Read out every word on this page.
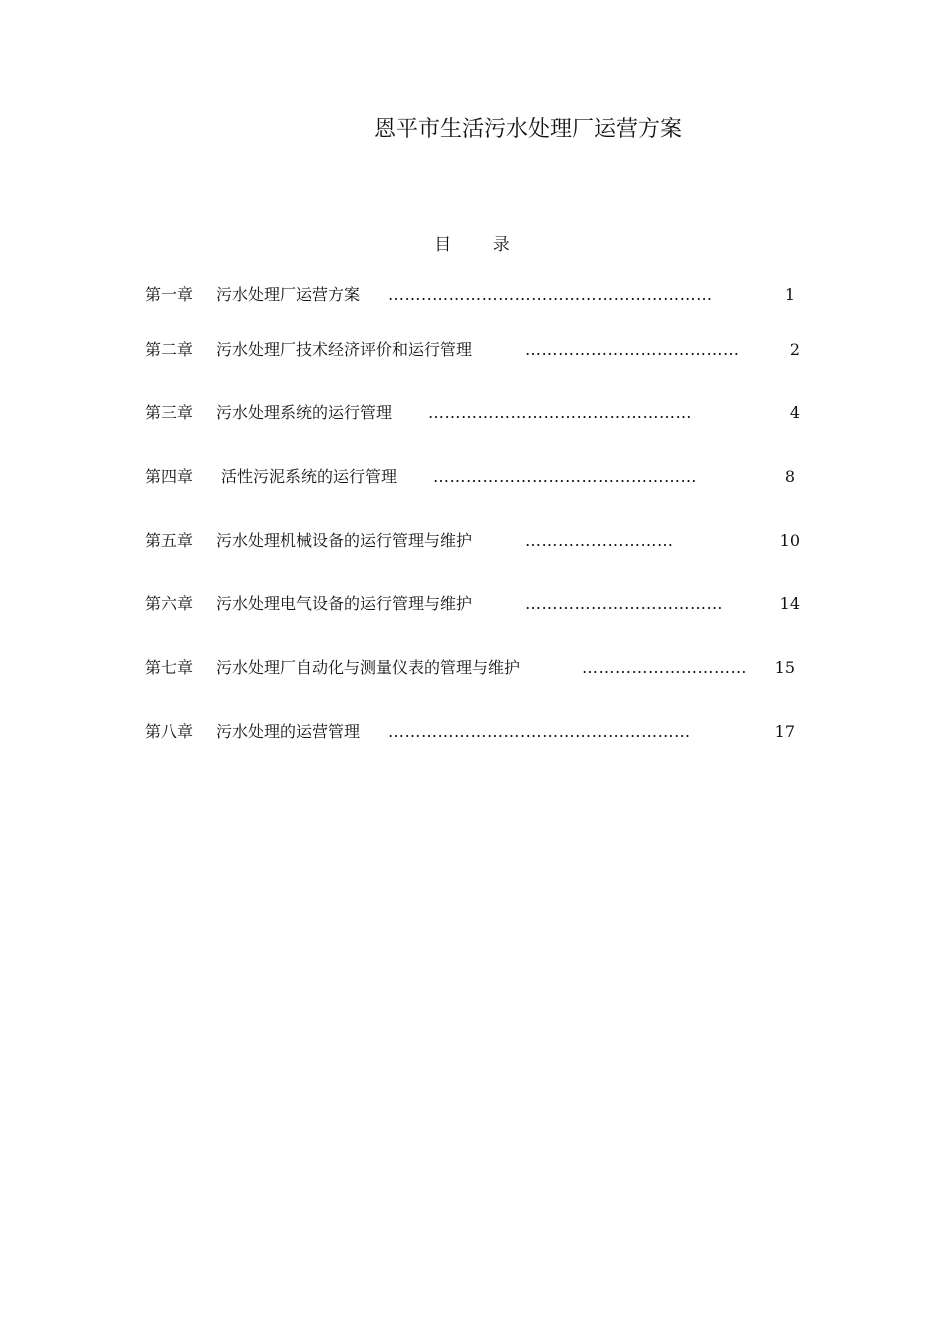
恩平市生活污水处理厂运营方案
目 录
第一章 污水处理厂运营方案 ……..……………………………………………	1
第二章 污水处理厂技术经济评价和运行管理	…………………………………	2
第三章 污水处理系统的运行管理 …………………………………………	4
第四章 活性污泥系统的运行管理 …………………………………………	8
第五章 污水处理机械设备的运行管理与维护	………………………	10
第六章 污水处理电气设备的运行管理与维护	………………………………	14
第七章 污水处理厂自动化与测量仪表的管理与维护	…………………………	15
第八章 污水处理的运营管理 …………………….…………………………	17
